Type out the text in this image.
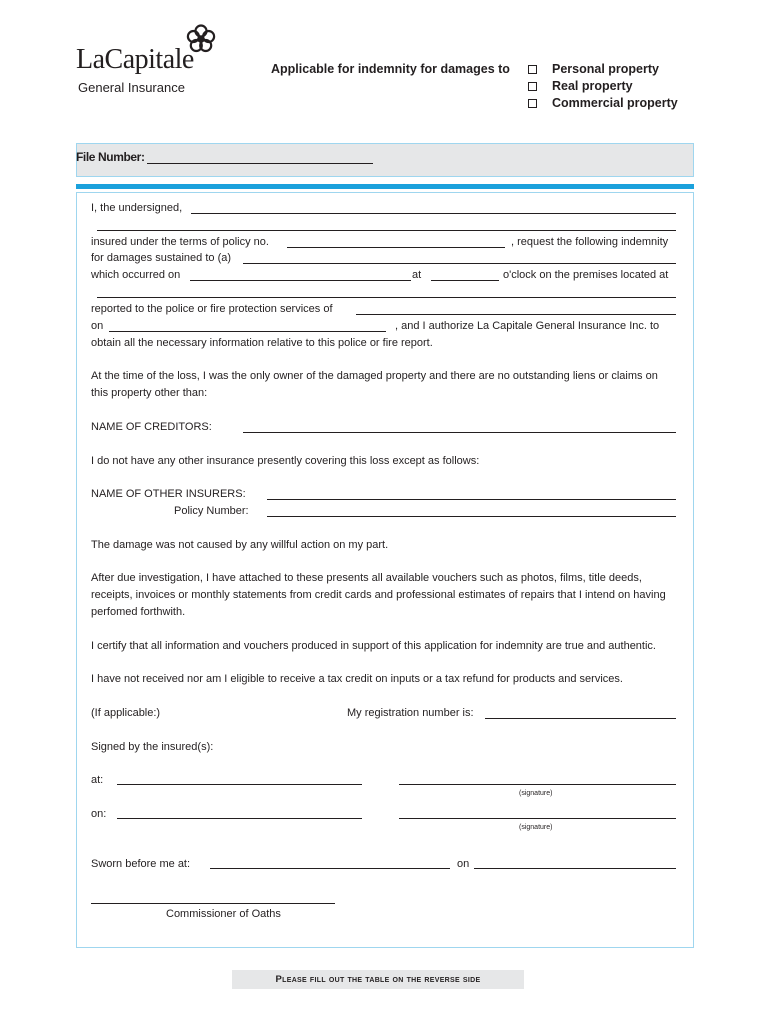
LaCapitale
General Insurance
Applicable for indemnity for damages to	Personal property
Real property
Commercial property
File Number:
I, the undersigned,
insured under the terms of policy no.	, request the following indemnity
for damages sustained to (a)
which occurred on	at	o'clock on the premises located at
reported to the police or fire protection services of
on	, and I authorize La Capitale General Insurance Inc. to
obtain all the necessary information relative to this police or fire report.
At the time of the loss, I was the only owner of the damaged property and there are no outstanding liens or claims on
this property other than:
NAME OF CREDITORS:
I do not have any other insurance presently covering this loss except as follows:
NAME OF OTHER INSURERS:
Policy Number:
The damage was not caused by any willful action on my part.
After due investigation, I have attached to these presents all available vouchers such as photos, films, title deeds,
receipts, invoices or monthly statements from credit cards and professional estimates of repairs that I intend on having
perfomed forthwith.
I certify that all information and vouchers produced in support of this application for indemnity are true and authentic.
I have not received nor am I eligible to receive a tax credit on inputs or a tax refund for products and services.
(If applicable:)	My registration number is:
Signed by the insured(s):
at:
(signature)
on:
(signature)
Sworn before me at:	on
Commissioner of Oaths
Please fill out the table on the reverse side
